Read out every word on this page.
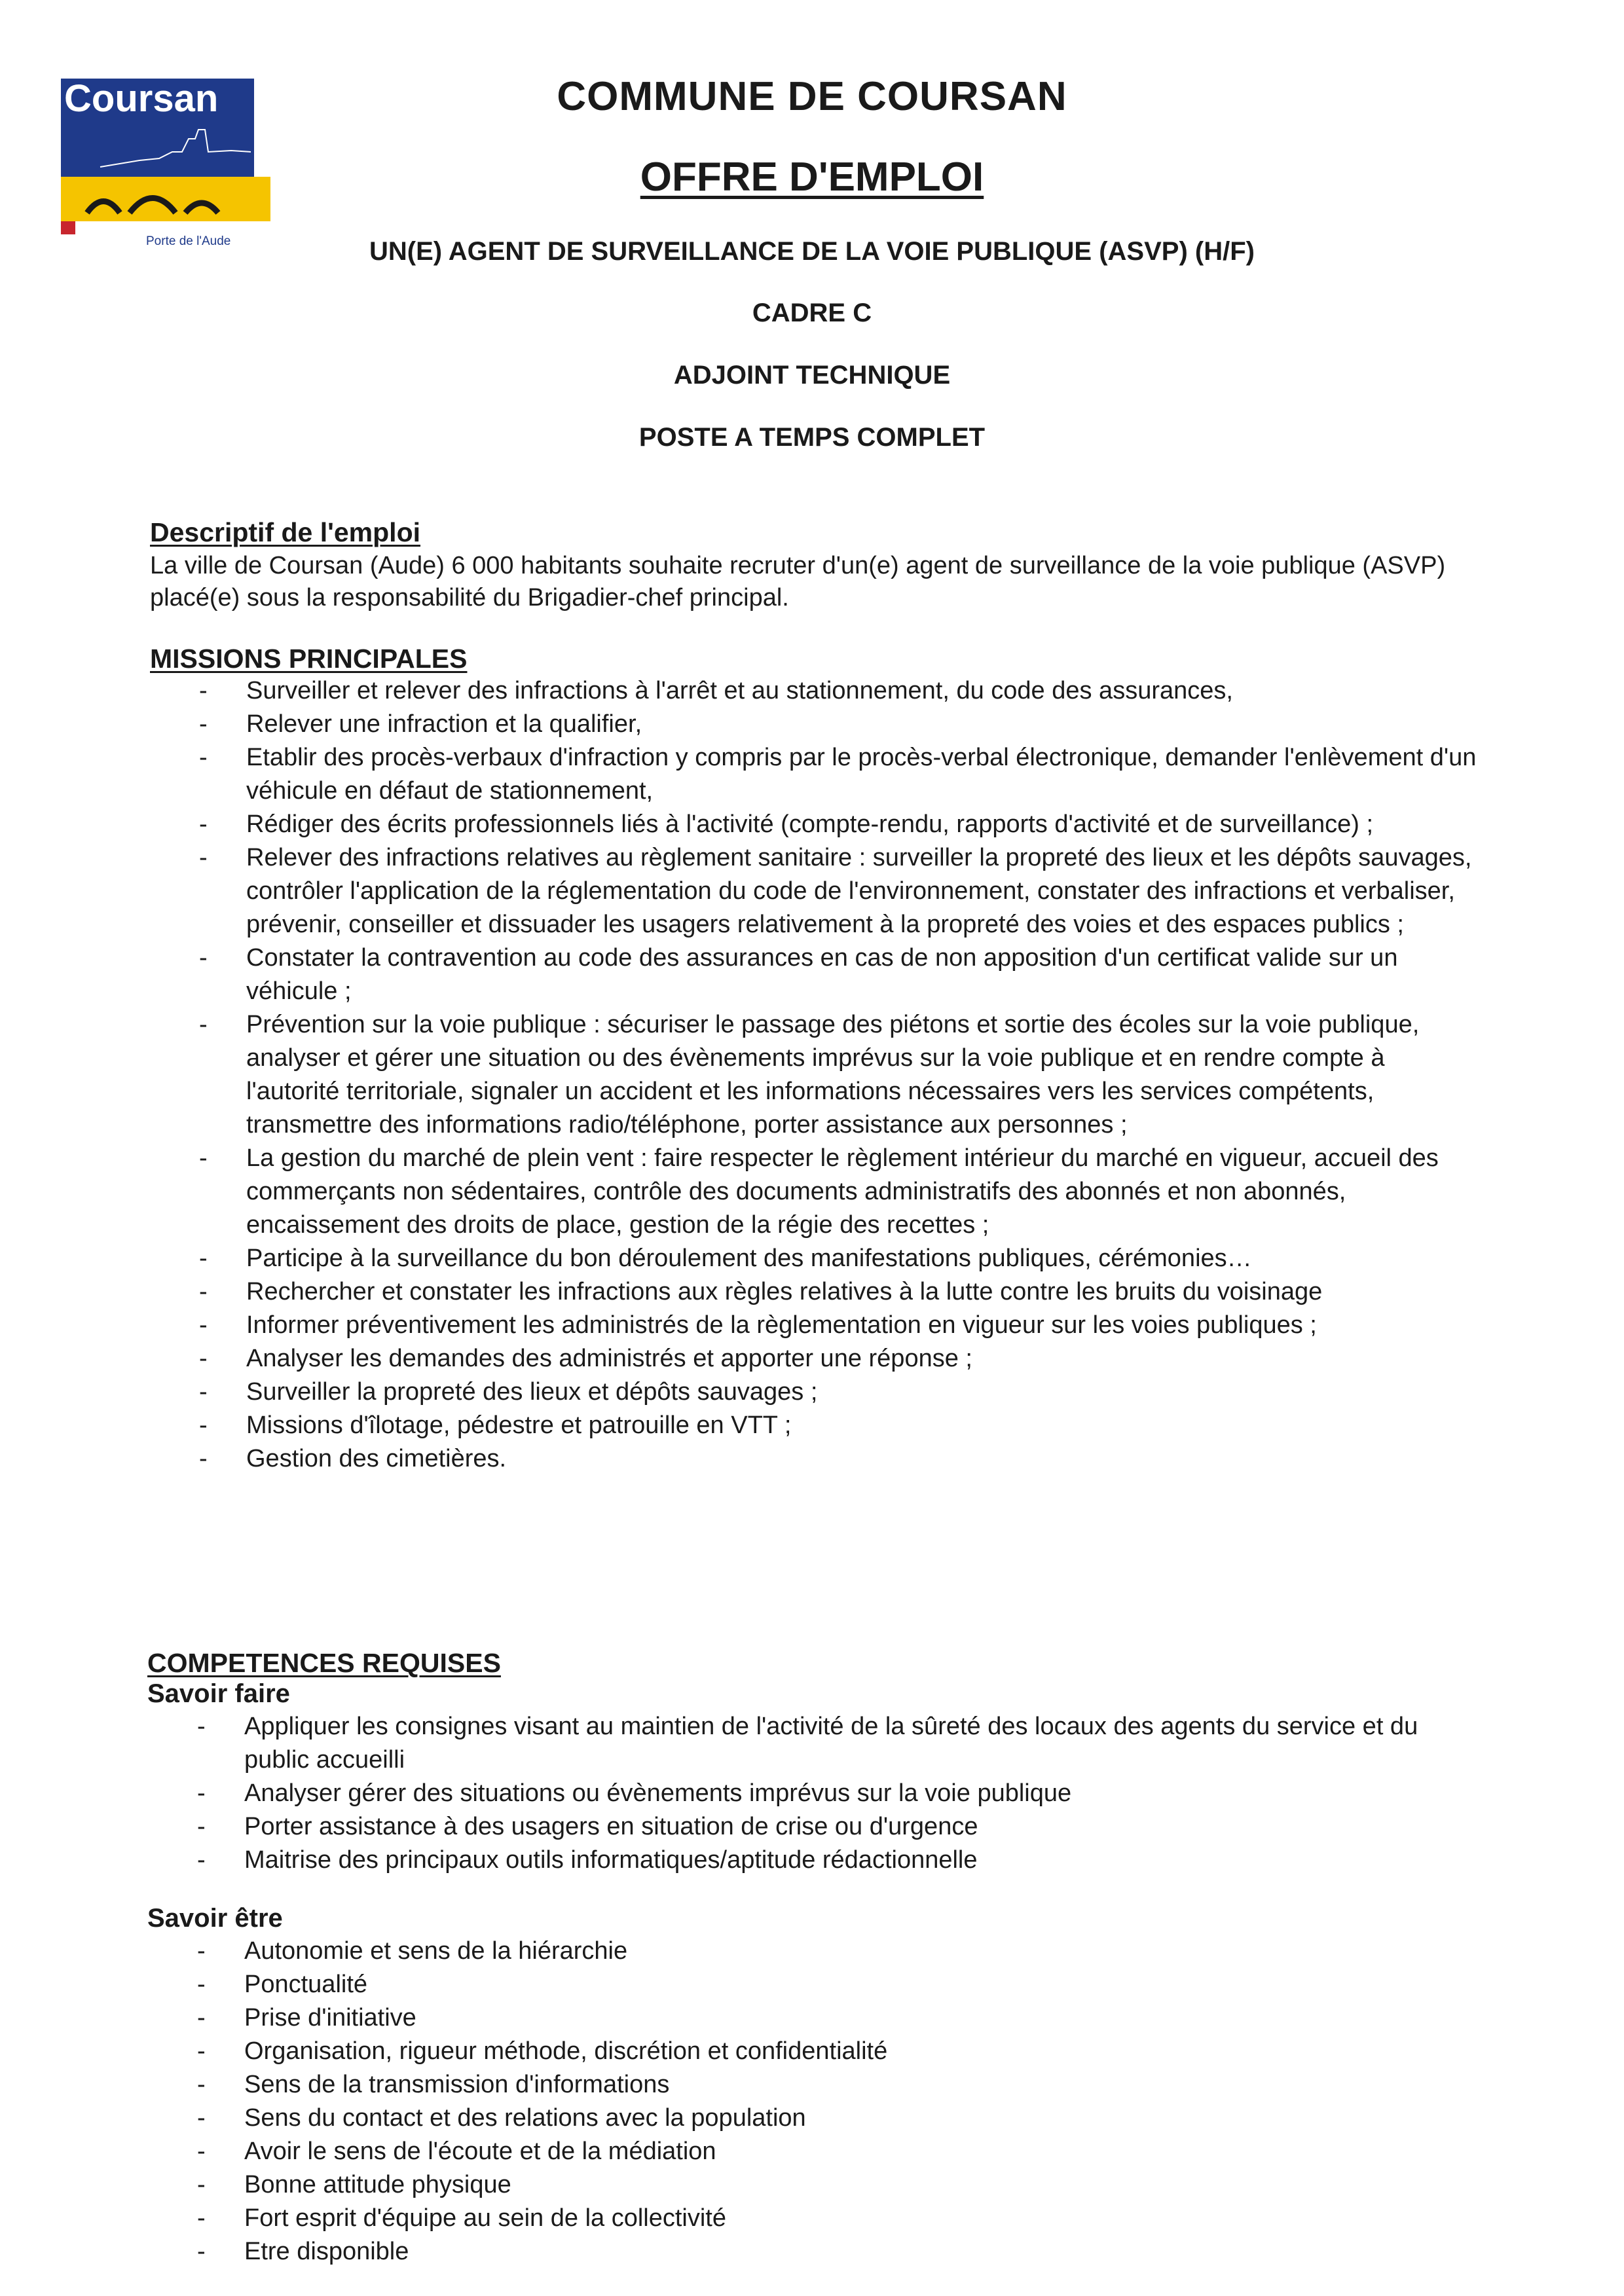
Coursan
Porte de l'Aude
COMMUNE DE COURSAN
OFFRE D'EMPLOI

UN(E) AGENT DE SURVEILLANCE DE LA VOIE PUBLIQUE (ASVP) (H/F)

CADRE C

ADJOINT TECHNIQUE

POSTE A TEMPS COMPLET

Descriptif de l'emploi

La ville de Coursan (Aude) 6 000 habitants souhaite recruter d'un(e) agent de surveillance de la voie publique (ASVP) placé(e) sous la responsabilité du Brigadier-chef principal.

MISSIONS PRINCIPALES
- Surveiller et relever des infractions à l'arrêt et au stationnement, du code des assurances,
- Relever une infraction et la qualifier,
- Etablir des procès-verbaux d'infraction y compris par le procès-verbal électronique, demander l'enlèvement d'un véhicule en défaut de stationnement,
- Rédiger des écrits professionnels liés à l'activité (compte-rendu, rapports d'activité et de surveillance) ;
- Relever des infractions relatives au règlement sanitaire : surveiller la propreté des lieux et les dépôts sauvages, contrôler l'application de la réglementation du code de l'environnement, constater des infractions et verbaliser, prévenir, conseiller et dissuader les usagers relativement à la propreté des voies et des espaces publics ;
- Constater la contravention au code des assurances en cas de non apposition d'un certificat valide sur un véhicule ;
- Prévention sur la voie publique : sécuriser le passage des piétons et sortie des écoles sur la voie publique, analyser et gérer une situation ou des évènements imprévus sur la voie publique et en rendre compte à l'autorité territoriale, signaler un accident et les informations nécessaires vers les services compétents, transmettre des informations radio/téléphone, porter assistance aux personnes ;
- La gestion du marché de plein vent : faire respecter le règlement intérieur du marché en vigueur, accueil des commerçants non sédentaires, contrôle des documents administratifs des abonnés et non abonnés, encaissement des droits de place, gestion de la régie des recettes ;
- Participe à la surveillance du bon déroulement des manifestations publiques, cérémonies…
- Rechercher et constater les infractions aux règles relatives à la lutte contre les bruits du voisinage
- Informer préventivement les administrés de la règlementation en vigueur sur les voies publiques ;
- Analyser les demandes des administrés et apporter une réponse ;
- Surveiller la propreté des lieux et dépôts sauvages ;
- Missions d'îlotage, pédestre et patrouille en VTT ;
- Gestion des cimetières.
COMPETENCES REQUISES

Savoir faire

- Appliquer les consignes visant au maintien de l'activité de la sûreté des locaux des agents du service et du public accueilli
- Analyser gérer des situations ou évènements imprévus sur la voie publique
- Porter assistance à des usagers en situation de crise ou d'urgence
- Maitrise des principaux outils informatiques/aptitude rédactionnelle

Savoir être

- Autonomie et sens de la hiérarchie
- Ponctualité
- Prise d'initiative
- Organisation, rigueur méthode, discrétion et confidentialité
- Sens de la transmission d'informations
- Sens du contact et des relations avec la population
- Avoir le sens de l'écoute et de la médiation
- Bonne attitude physique
- Fort esprit d'équipe au sein de la collectivité
- Etre disponible
